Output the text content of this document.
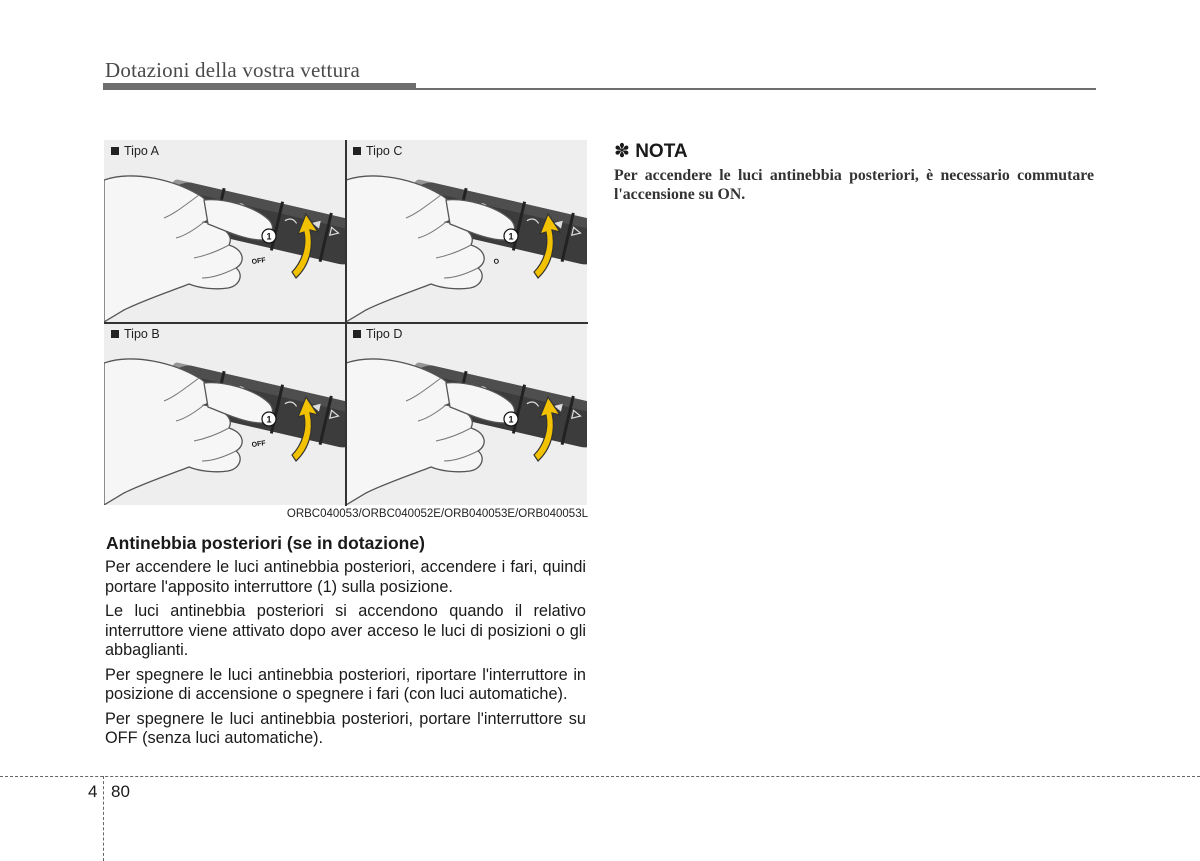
Dotazioni della vostra vettura
Tipo A
1
OFF
Tipo C
1
O
Tipo B
1
OFF
Tipo D
1
ORBC040053/ORBC040052E/ORB040053E/ORB040053L
Antinebbia posteriori (se in dotazione)

Per accendere le luci antinebbia posteriori, accendere i fari, quindi portare l'apposito interruttore (1) sulla posizione.

Le luci antinebbia posteriori si accendono quando il relativo interruttore viene attivato dopo aver acceso le luci di posizioni o gli abbaglianti.

Per spegnere le luci antinebbia posteriori, riportare l'interruttore in posizione di accensione o spegnere i fari (con luci automatiche).

Per spegnere le luci antinebbia posteriori, portare l'interruttore su OFF (senza luci automatiche).

✽ NOTA
Per accendere le luci antinebbia posteriori, è necessario commutare l'accensione su ON.
4 80
